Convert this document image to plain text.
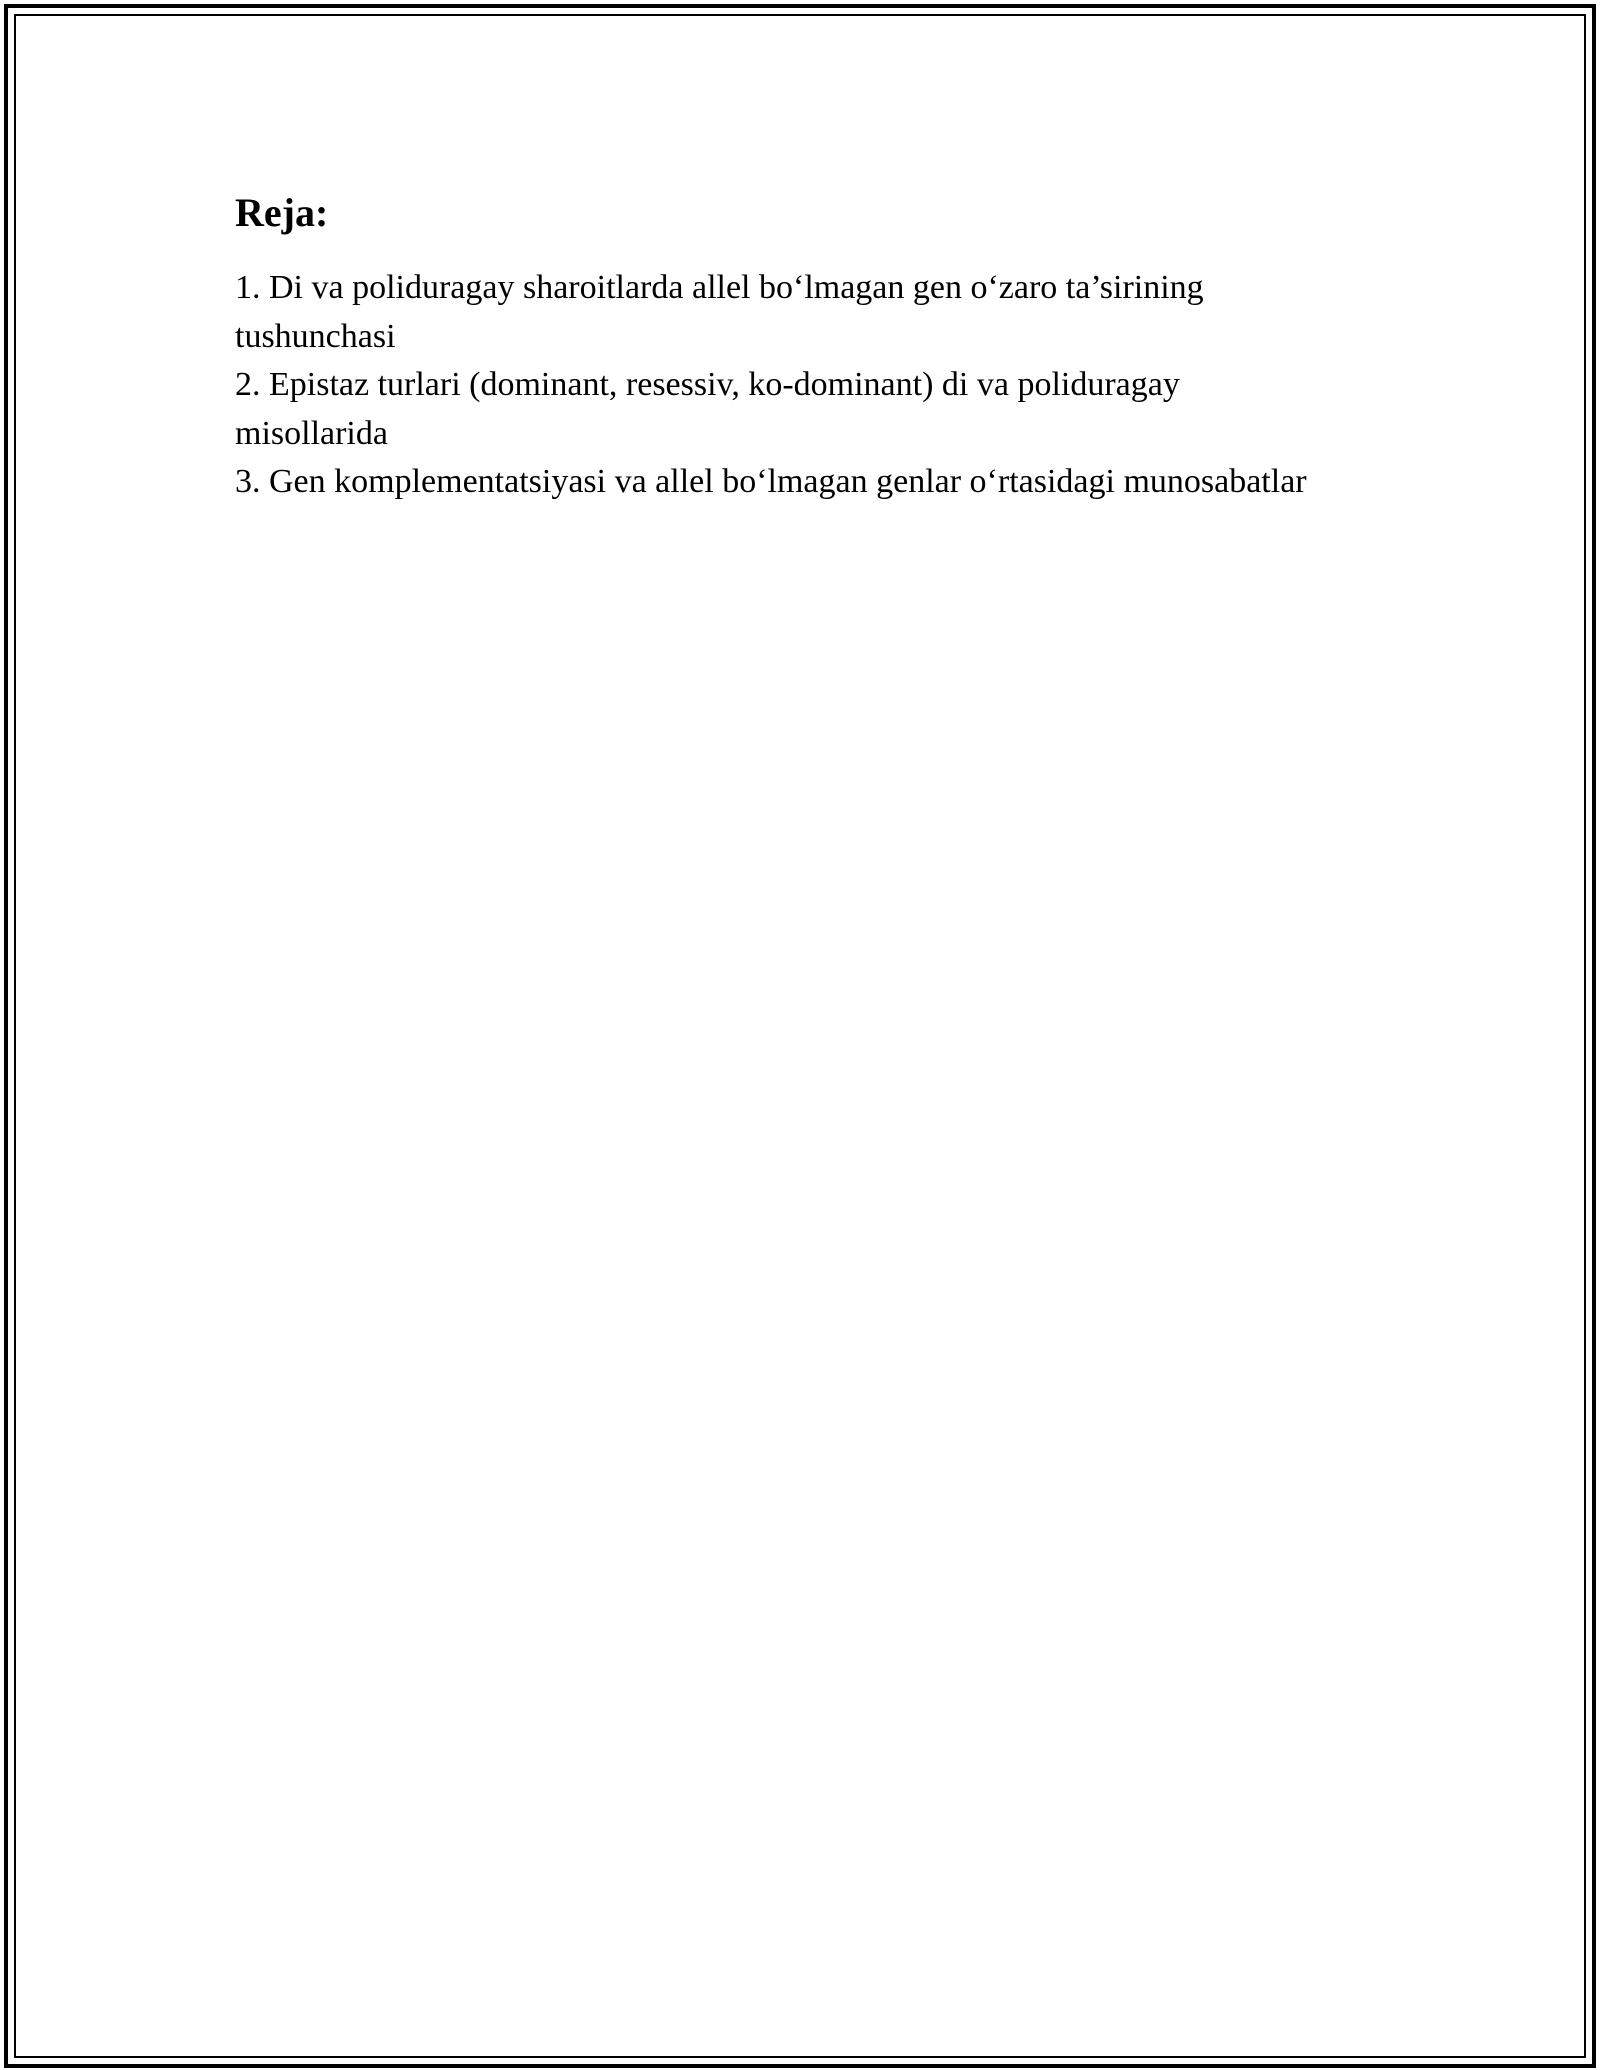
Reja:
1. Di va poliduragay sharoitlarda allel bo‘lmagan gen o‘zaro ta’sirining tushunchasi
2. Epistaz turlari (dominant, resessiv, ko-dominant) di va poliduragay misollarida
3. Gen komplementatsiyasi va allel bo‘lmagan genlar o‘rtasidagi munosabatlar
